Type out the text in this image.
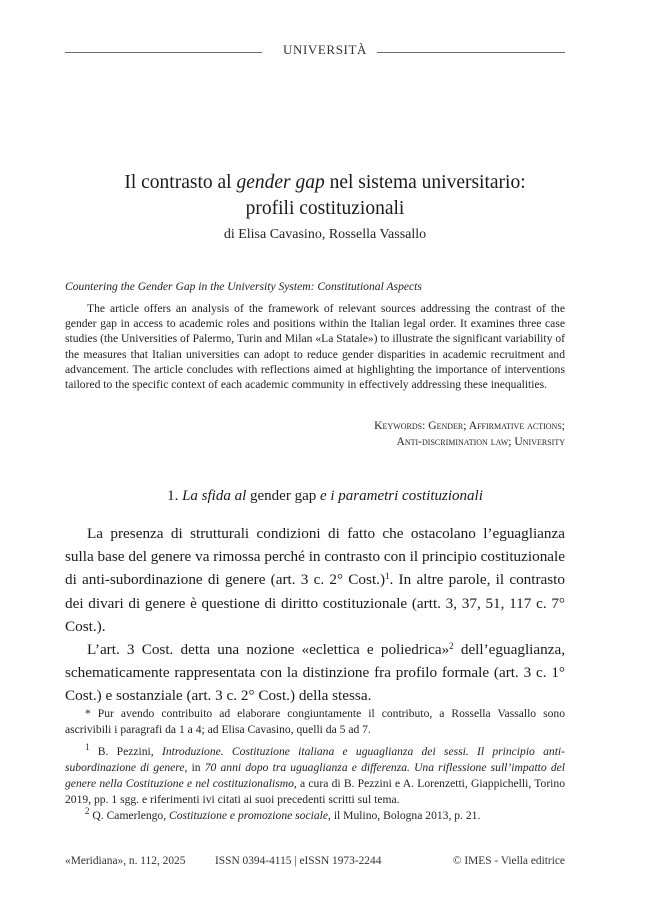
UNIVERSITÀ
Il contrasto al gender gap nel sistema universitario:
profili costituzionali
di Elisa Cavasino, Rossella Vassallo
Countering the Gender Gap in the University System: Constitutional Aspects

The article offers an analysis of the framework of relevant sources addressing the contrast of the gender gap in access to academic roles and positions within the Italian legal order. It examines three case studies (the Universities of Palermo, Turin and Milan «La Statale») to illustrate the significant variability of the measures that Italian universities can adopt to reduce gender disparities in academic recruitment and advancement. The article concludes with reflections aimed at highlighting the importance of interventions tailored to the specific context of each academic community in effectively addressing these inequalities.

Keywords: Gender; Affirmative actions;
Anti-discrimination law; University
1. La sfida al gender gap e i parametri costituzionali

La presenza di strutturali condizioni di fatto che ostacolano l’eguaglianza sulla base del genere va rimossa perché in contrasto con il principio costituzionale di anti-subordinazione di genere (art. 3 c. 2° Cost.)$^1$. In altre parole, il contrasto dei divari di genere è questione di diritto costituzionale (artt. 3, 37, 51, 117 c. 7° Cost.).

L’art. 3 Cost. detta una nozione «eclettica e poliedrica»$^2$ dell’eguaglianza, schematicamente rappresentata con la distinzione fra profilo formale (art. 3 c. 1° Cost.) e sostanziale (art. 3 c. 2° Cost.) della stessa.

* Pur avendo contribuito ad elaborare congiuntamente il contributo, a Rossella Vassallo sono ascrivibili i paragrafi da 1 a 4; ad Elisa Cavasino, quelli da 5 ad 7.

$^1$ B. Pezzini, Introduzione. Costituzione italiana e uguaglianza dei sessi. Il principio anti-subordinazione di genere, in 70 anni dopo tra uguaglianza e differenza. Una riflessione sull’impatto del genere nella Costituzione e nel costituzionalismo, a cura di B. Pezzini e A. Lorenzetti, Giappichelli, Torino 2019, pp. 1 sgg. e riferimenti ivi citati ai suoi precedenti scritti sul tema.

$^2$ Q. Camerlengo, Costituzione e promozione sociale, il Mulino, Bologna 2013, p. 21.

«Meridiana», n. 112, 2025	ISSN 0394-4115 | eISSN 1973-2244	© IMES - Viella editrice
